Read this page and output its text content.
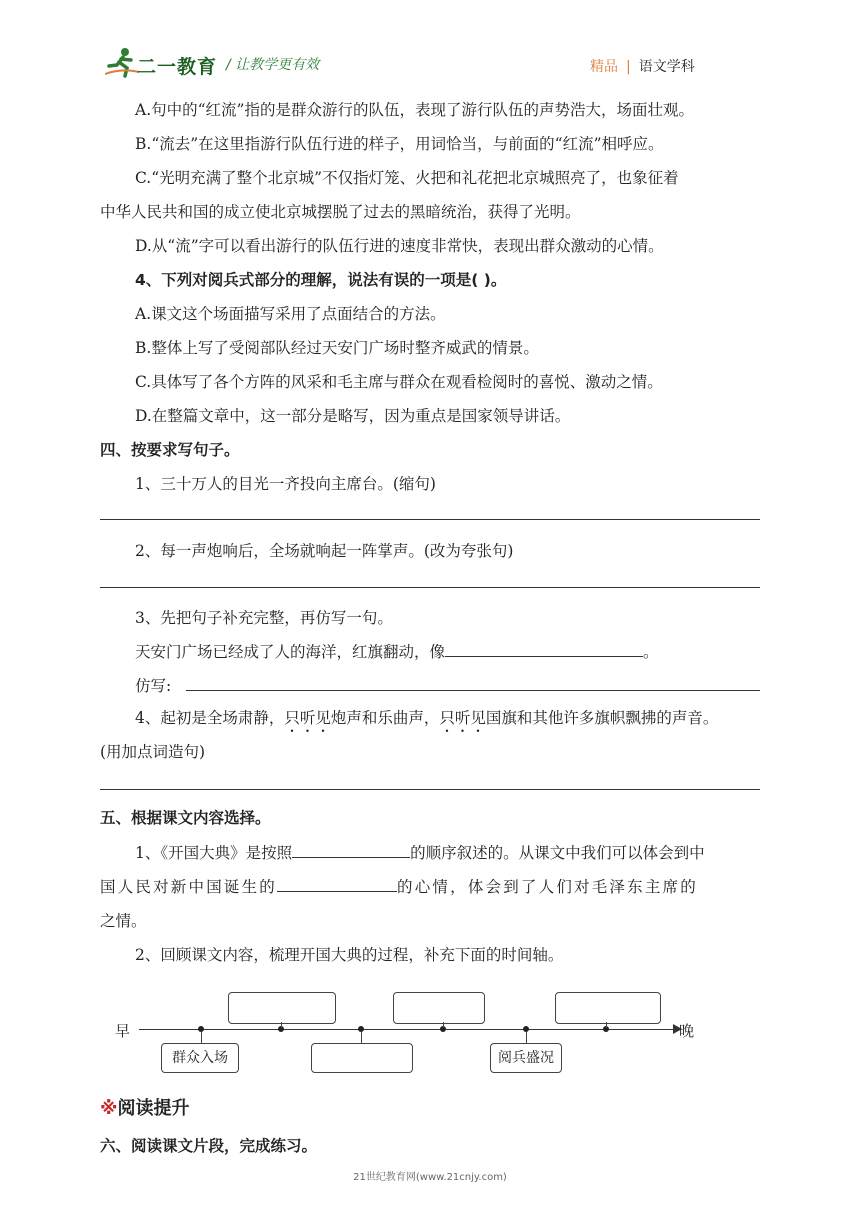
二一教育 / 让教学更有效	精品 | 语文学科
A.句中的“红流”指的是群众游行的队伍，表现了游行队伍的声势浩大，场面壮观。
B.“流去”在这里指游行队伍行进的样子，用词恰当，与前面的“红流”相呼应。
C.“光明充满了整个北京城”不仅指灯笼、火把和礼花把北京城照亮了，也象征着
中华人民共和国的成立使北京城摆脱了过去的黑暗统治，获得了光明。
D.从“流”字可以看出游行的队伍行进的速度非常快，表现出群众激动的心情。
4、下列对阅兵式部分的理解，说法有误的一项是( )。
A.课文这个场面描写采用了点面结合的方法。
B.整体上写了受阅部队经过天安门广场时整齐威武的情景。
C.具体写了各个方阵的风采和毛主席与群众在观看检阅时的喜悦、激动之情。
D.在整篇文章中，这一部分是略写，因为重点是国家领导讲话。
四、按要求写句子。
1、三十万人的目光一齐投向主席台。(缩句)
2、每一声炮响后，全场就响起一阵掌声。(改为夸张句)
3、先把句子补充完整，再仿写一句。
天安门广场已经成了人的海洋，红旗翻动，像	。
仿写:
4、起初是全场肃静，只听见炮声和乐曲声，只听见国旗和其他许多旗帜飘拂的声音。
(用加点词造句)
五、根据课文内容选择。
1、《开国大典》是按照	的顺序叙述的。从课文中我们可以体会到中
国人民对新中国诞生的	的心情，体会到了人们对毛泽东主席的
之情。
2、回顾课文内容，梳理开国大典的过程，补充下面的时间轴。
早	晚
群众入场	阅兵盛况
※阅读提升
六、阅读课文片段，完成练习。
21世纪教育网(www.21cnjy.com)
